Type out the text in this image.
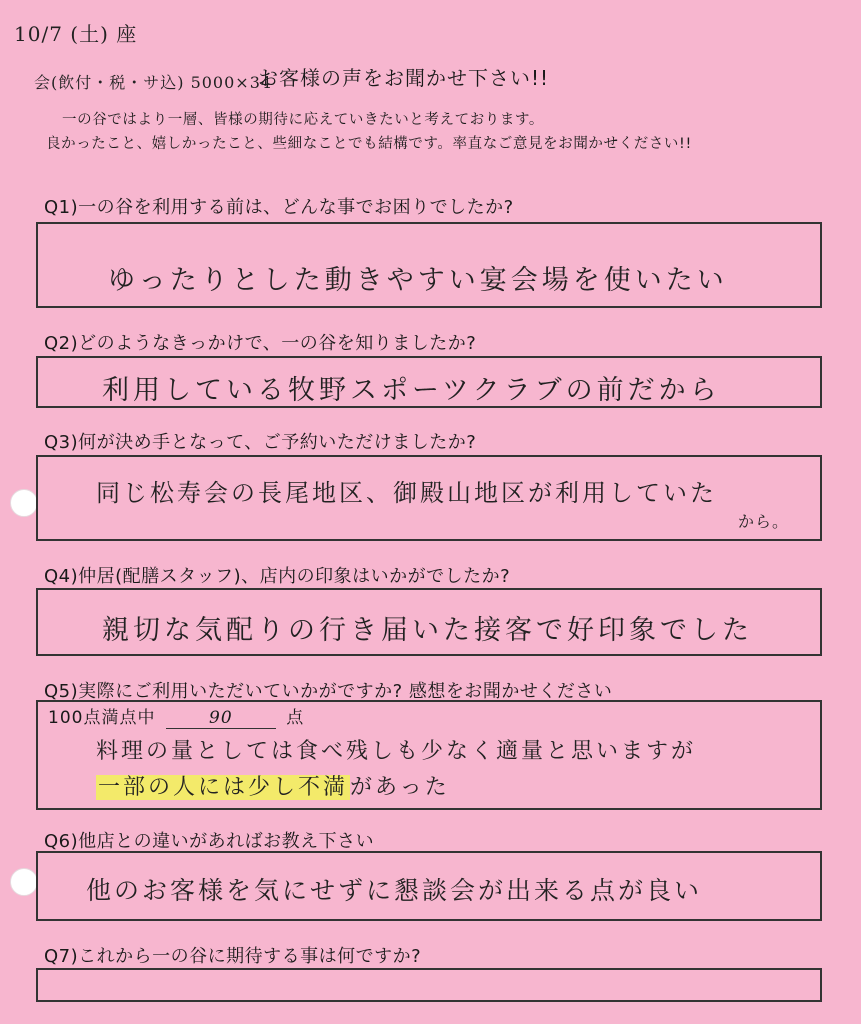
10/7 (土) 座
会(飲付・税・サ込) 5000×34
お客様の声をお聞かせ下さい!!
一の谷ではより一層、皆様の期待に応えていきたいと考えております。
良かったこと、嬉しかったこと、些細なことでも結構です。率直なご意見をお聞かせください!!
Q1)一の谷を利用する前は、どんな事でお困りでしたか?
ゆったりとした動きやすい宴会場を使いたい
Q2)どのようなきっかけで、一の谷を知りましたか?
利用している牧野スポーツクラブの前だから
Q3)何が決め手となって、ご予約いただけましたか?
同じ松寿会の長尾地区、御殿山地区が利用していた
から。
Q4)仲居(配膳スタッフ)、店内の印象はいかがでしたか?
親切な気配りの行き届いた接客で好印象でした
Q5)実際にご利用いただいていかがですか? 感想をお聞かせください
100点満点中	90	点
料理の量としては食べ残しも少なく適量と思いますが
一部の人には少し不満があった
Q6)他店との違いがあればお教え下さい
他のお客様を気にせずに懇談会が出来る点が良い
Q7)これから一の谷に期待する事は何ですか?
